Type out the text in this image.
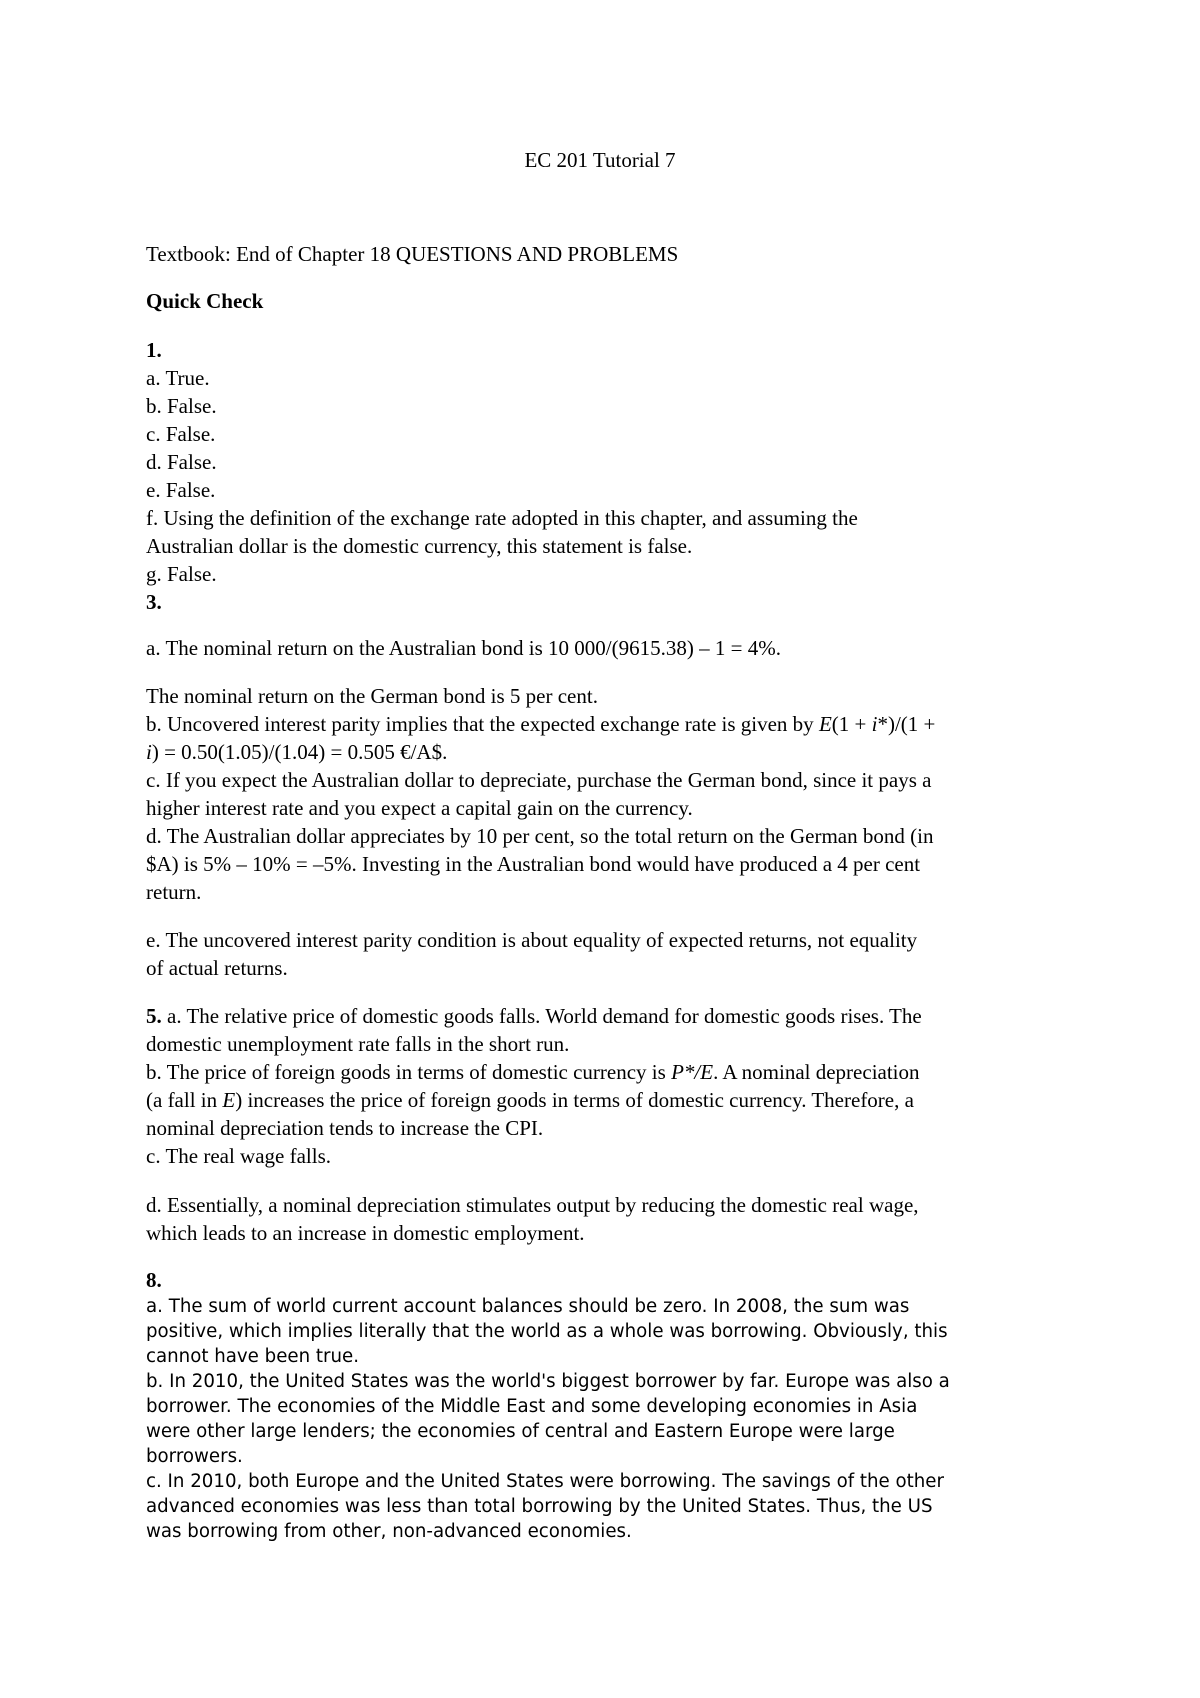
EC 201 Tutorial 7

Textbook: End of Chapter 18 QUESTIONS AND PROBLEMS

Quick Check

1.
a. True.
b. False.
c. False.
d. False.
e. False.
f. Using the definition of the exchange rate adopted in this chapter, and assuming the
Australian dollar is the domestic currency, this statement is false.
g. False.
3.
a. The nominal return on the Australian bond is 10 000/(9615.38) – 1 = 4%.
The nominal return on the German bond is 5 per cent.
b. Uncovered interest parity implies that the expected exchange rate is given by E(1 + i*)/(1 +
i) = 0.50(1.05)/(1.04) = 0.505 €/A$.
c. If you expect the Australian dollar to depreciate, purchase the German bond, since it pays a
higher interest rate and you expect a capital gain on the currency.
d. The Australian dollar appreciates by 10 per cent, so the total return on the German bond (in
$A) is 5% – 10% = –5%. Investing in the Australian bond would have produced a 4 per cent
return.
e. The uncovered interest parity condition is about equality of expected returns, not equality
of actual returns.
5. a. The relative price of domestic goods falls. World demand for domestic goods rises. The
domestic unemployment rate falls in the short run.
b. The price of foreign goods in terms of domestic currency is P*/E. A nominal depreciation
(a fall in E) increases the price of foreign goods in terms of domestic currency. Therefore, a
nominal depreciation tends to increase the CPI.
c. The real wage falls.
d. Essentially, a nominal depreciation stimulates output by reducing the domestic real wage,
which leads to an increase in domestic employment.
8.
a. The sum of world current account balances should be zero. In 2008, the sum was
positive, which implies literally that the world as a whole was borrowing. Obviously, this
cannot have been true.
b. In 2010, the United States was the world's biggest borrower by far. Europe was also a
borrower. The economies of the Middle East and some developing economies in Asia
were other large lenders; the economies of central and Eastern Europe were large
borrowers.
c. In 2010, both Europe and the United States were borrowing. The savings of the other
advanced economies was less than total borrowing by the United States. Thus, the US
was borrowing from other, non-advanced economies.
